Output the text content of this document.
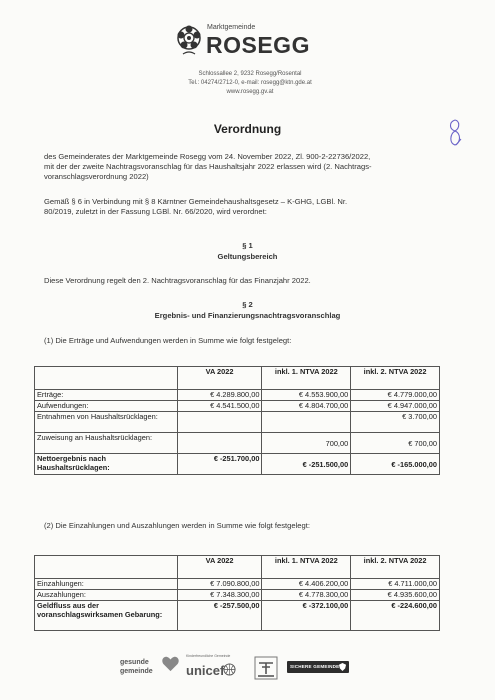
Marktgemeinde
ROSEGG
Schlossallee 2, 9232 Rosegg/Rosental
Tel.: 04274/2712-0, e-mail: rosegg@ktn.gde.at
www.rosegg.gv.at
Verordnung
des Gemeinderates der Marktgemeinde Rosegg vom 24. November 2022, Zl. 900-2-22736/2022,
mit der der zweite Nachtragsvoranschlag für das Haushaltsjahr 2022 erlassen wird (2. Nachtrags-
voranschlagsverordnung 2022)
Gemäß § 6 in Verbindung mit § 8 Kärntner Gemeindehaushaltsgesetz – K-GHG, LGBl. Nr.
80/2019, zuletzt in der Fassung LGBl. Nr. 66/2020, wird verordnet:
§ 1
Geltungsbereich
Diese Verordnung regelt den 2. Nachtragsvoranschlag für das Finanzjahr 2022.
§ 2
Ergebnis- und Finanzierungsnachtragsvoranschlag
(1) Die Erträge und Aufwendungen werden in Summe wie folgt festgelegt:

	VA 2022	inkl. 1. NTVA 2022	inkl. 2. NTVA 2022

Erträge:	€ 4.289.800,00	€ 4.553.900,00	€ 4.779.000,00
Aufwendungen:	€ 4.541.500,00	€ 4.804.700,00	€ 4.947.000,00
Entnahmen von Haushaltsrücklagen:			€ 3.700,00
Zuweisung an Haushaltsrücklagen:		700,00	€ 700,00
Nettoergebnis nach Haushaltsrücklagen:	€ -251.700,00	€ -251.500,00	€ -165.000,00
(2) Die Einzahlungen und Auszahlungen werden in Summe wie folgt festgelegt:

	VA 2022	inkl. 1. NTVA 2022	inkl. 2. NTVA 2022

Einzahlungen:	€ 7.090.800,00	€ 4.406.200,00	€ 4.711.000,00
Auszahlungen:	€ 7.348.300,00	€ 4.778.300,00	€ 4.935.600,00
Geldfluss aus der voranschlagswirksamen Gebarung:	€ -257.500,00	€ -372.100,00	€ -224.600,00
gesunde
gemeinde
Kinderfreundliche Gemeinde
unicef	SICHERE GEMEINDE
